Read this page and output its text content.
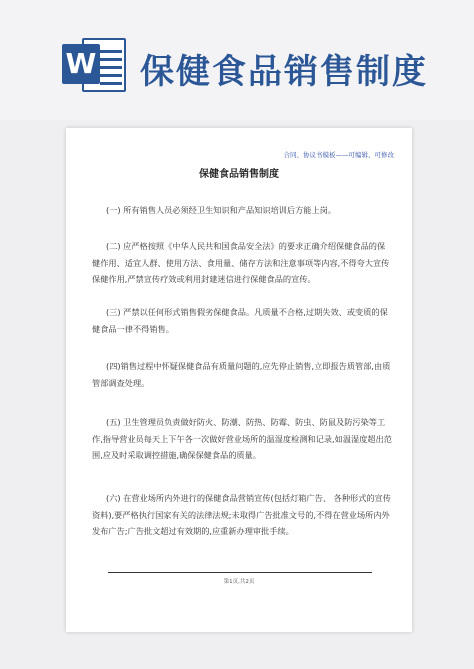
W 保健食品销售制度
合同、协议书模板——可编辑、可修改
保健食品销售制度

(一) 所有销售人员必须经卫生知识和产品知识培训后方能上岗。

(二) 应严格按照《中华人民共和国食品安全法》的要求正确介绍保健食品的保健作用、适宜人群、使用方法、食用量、储存方法和注意事项等内容,不得夸大宣传保健作用,严禁宣传疗效或利用封建迷信进行保健食品的宣传。

(三) 严禁以任何形式销售假劣保健食品。凡质量不合格,过期失效、或变质的保健食品一律不得销售。

(四)销售过程中怀疑保健食品有质量问题的,应先停止销售,立即报告质管部,由质管部调查处理。

(五) 卫生管理员负责做好防火、防潮、防热、防霉、防虫、防鼠及防污染等工作,指导营业员每天上下午各一次做好营业场所的温湿度检测和记录,如温湿度超出范围,应及时采取调控措施,确保保健食品的质量。

(六) 在营业场所内外进行的保健食品营销宣传(包括灯箱广告、 各种形式的宣传资料),要严格执行国家有关的法律法规;未取得广告批准文号的,不得在营业场所内外发布广告;广告批文超过有效期的,应重新办理审批手续。

第1页,共2页
